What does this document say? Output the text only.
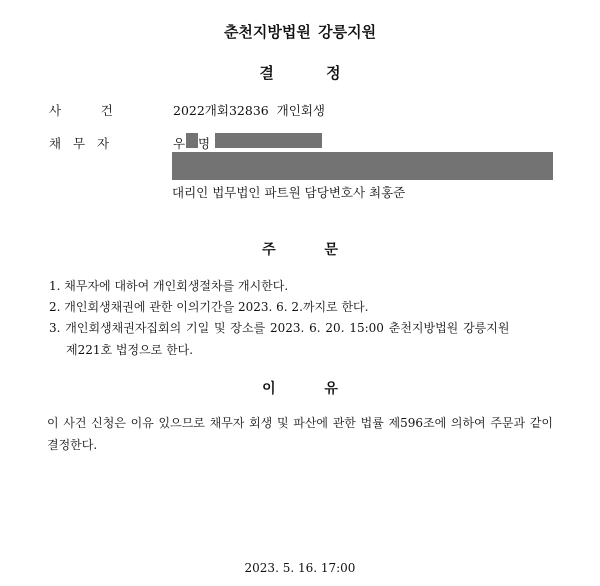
춘천지방법원 강릉지원
결          정
사          건	2022개회32836  개인회생
채   무   자	우 명
대리인 법무법인 파트원 담당변호사 최홍준
주          문
1. 채무자에 대하여 개인회생절차를 개시한다.
2. 개인회생채권에 관한 이의기간을 2023. 6. 2.까지로 한다.
3. 개인회생채권자집회의 기일 및 장소를 2023. 6. 20. 15:00 춘천지방법원 강릉지원
제221호 법정으로 한다.
이          유
이 사건 신청은 이유 있으므로 채무자 회생 및 파산에 관한 법률 제596조에 의하여 주문과 같이 결정한다.
2023. 5. 16. 17:00
